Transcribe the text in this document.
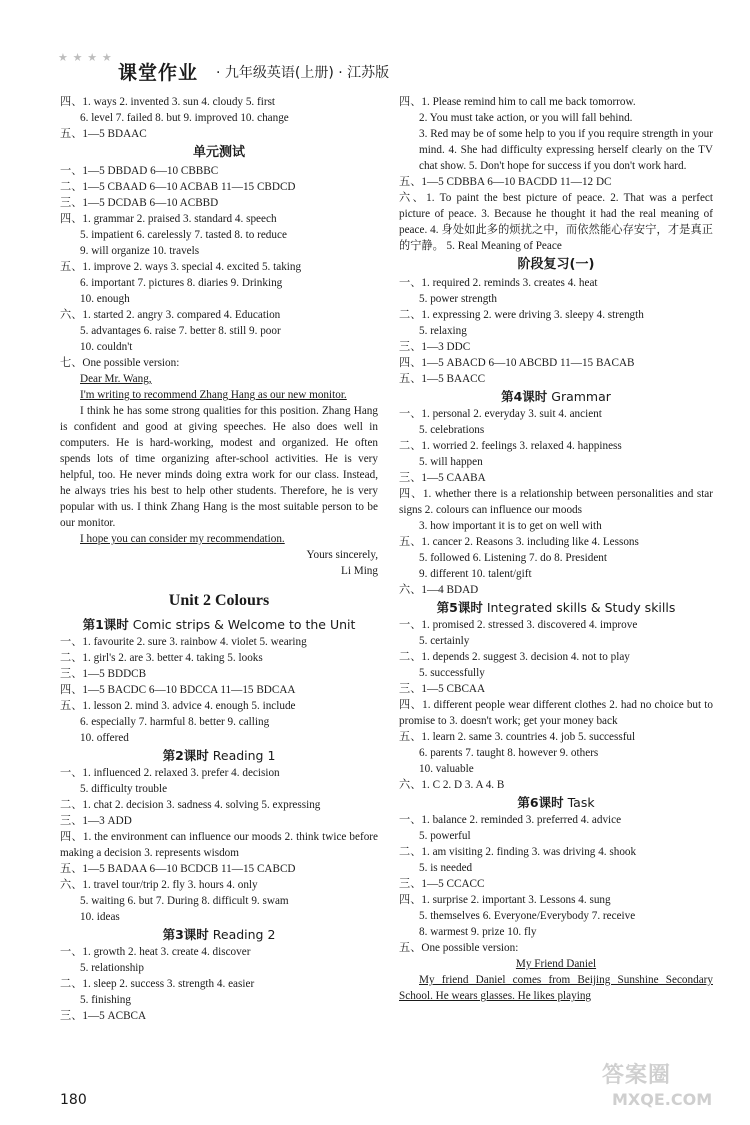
★ ★ ★ ★
课堂作业 · 九年级英语(上册) · 江苏版
四、1. ways 2. invented 3. sun 4. cloudy 5. first
6. level 7. failed 8. but 9. improved 10. change
五、1—5 BDAAC
单元测试
一、1—5 DBDAD 6—10 CBBBC
二、1—5 CBAAD 6—10 ACBAB 11—15 CBDCD
三、1—5 DCDAB 6—10 ACBBD
四、1. grammar 2. praised 3. standard 4. speech
5. impatient 6. carelessly 7. tasted 8. to reduce
9. will organize 10. travels
五、1. improve 2. ways 3. special 4. excited 5. taking
6. important 7. pictures 8. diaries 9. Drinking
10. enough
六、1. started 2. angry 3. compared 4. Education
5. advantages 6. raise 7. better 8. still 9. poor
10. couldn't
七、One possible version:
Dear Mr. Wang,
I'm writing to recommend Zhang Hang as our new monitor.
I think he has some strong qualities for this position. Zhang Hang is confident and good at giving speeches. He also does well in computers. He is hard-working, modest and organized. He often spends lots of time organizing after-school activities. He is very helpful, too. He never minds doing extra work for our class. Instead, he always tries his best to help other students. Therefore, he is very popular with us. I think Zhang Hang is the most suitable person to be our monitor.
I hope you can consider my recommendation.
Yours sincerely,
Li Ming
Unit 2 Colours
第1课时 Comic strips & Welcome to the Unit
一、1. favourite 2. sure 3. rainbow 4. violet 5. wearing
二、1. girl's 2. are 3. better 4. taking 5. looks
三、1—5 BDDCB
四、1—5 BACDC 6—10 BDCCA 11—15 BDCAA
五、1. lesson 2. mind 3. advice 4. enough 5. include
6. especially 7. harmful 8. better 9. calling
10. offered
第2课时 Reading 1
一、1. influenced 2. relaxed 3. prefer 4. decision
5. difficulty trouble
二、1. chat 2. decision 3. sadness 4. solving 5. expressing
三、1—3 ADD
四、1. the environment can influence our moods 2. think twice before making a decision 3. represents wisdom
五、1—5 BADAA 6—10 BCDCB 11—15 CABCD
六、1. travel tour/trip 2. fly 3. hours 4. only
5. waiting 6. but 7. During 8. difficult 9. swam
10. ideas
第3课时 Reading 2
一、1. growth 2. heat 3. create 4. discover
5. relationship
二、1. sleep 2. success 3. strength 4. easier
5. finishing
三、1—5 ACBCA
四、1. Please remind him to call me back tomorrow.
2. You must take action, or you will fall behind.
3. Red may be of some help to you if you require strength in your mind. 4. She had difficulty expressing herself clearly on the TV chat show. 5. Don't hope for success if you don't work hard.
五、1—5 CDBBA 6—10 BACDD 11—12 DC
六、1. To paint the best picture of peace. 2. That was a perfect picture of peace. 3. Because he thought it had the real meaning of peace. 4. 身处如此多的烦扰之中，而依然能心存安宁，才是真正的宁静。 5. Real Meaning of Peace
阶段复习(一)
一、1. required 2. reminds 3. creates 4. heat
5. power strength
二、1. expressing 2. were driving 3. sleepy 4. strength
5. relaxing
三、1—3 DDC
四、1—5 ABACD 6—10 ABCBD 11—15 BACAB
五、1—5 BAACC
第4课时 Grammar
一、1. personal 2. everyday 3. suit 4. ancient
5. celebrations
二、1. worried 2. feelings 3. relaxed 4. happiness
5. will happen
三、1—5 CAABA
四、1. whether there is a relationship between personalities and star signs 2. colours can influence our moods
3. how important it is to get on well with
五、1. cancer 2. Reasons 3. including like 4. Lessons
5. followed 6. Listening 7. do 8. President
9. different 10. talent/gift
六、1—4 BDAD
第5课时 Integrated skills & Study skills
一、1. promised 2. stressed 3. discovered 4. improve
5. certainly
二、1. depends 2. suggest 3. decision 4. not to play
5. successfully
三、1—5 CBCAA
四、1. different people wear different clothes 2. had no choice but to promise to 3. doesn't work; get your money back
五、1. learn 2. same 3. countries 4. job 5. successful
6. parents 7. taught 8. however 9. others
10. valuable
六、1. C 2. D 3. A 4. B
第6课时 Task
一、1. balance 2. reminded 3. preferred 4. advice
5. powerful
二、1. am visiting 2. finding 3. was driving 4. shook
5. is needed
三、1—5 CCACC
四、1. surprise 2. important 3. Lessons 4. sung
5. themselves 6. Everyone/Everybody 7. receive
8. warmest 9. prize 10. fly
五、One possible version:
My Friend Daniel
My friend Daniel comes from Beijing Sunshine Secondary School. He wears glasses. He likes playing
180
答案圈
MXQE.COM
